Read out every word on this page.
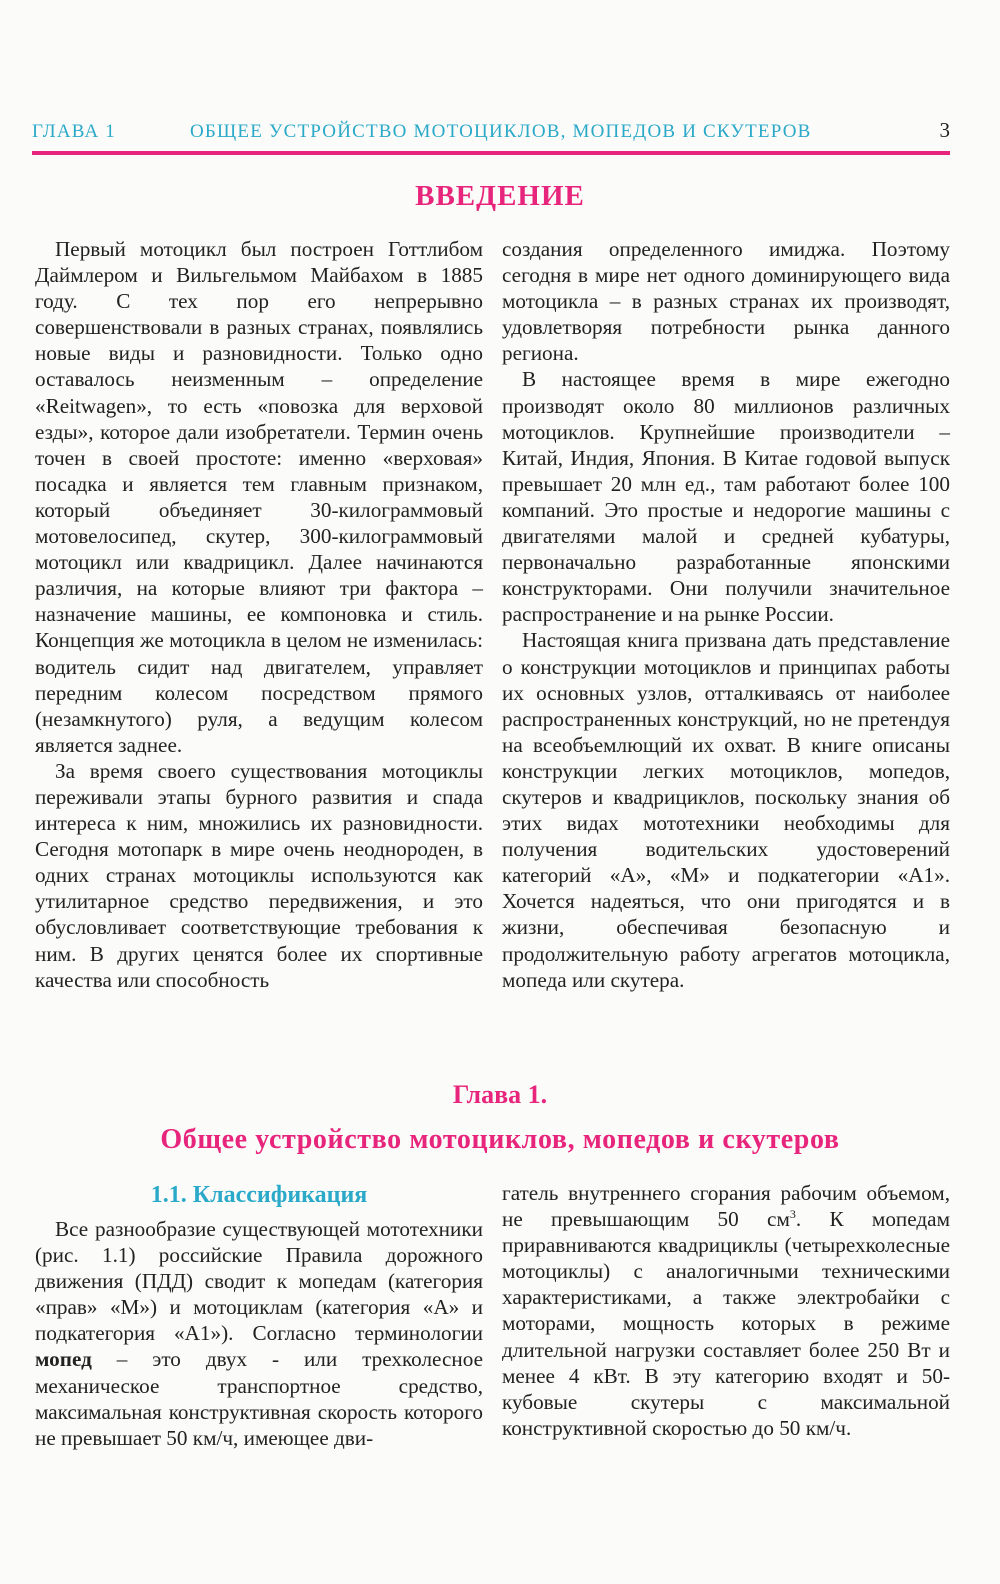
ГЛАВА 1	ОБЩЕЕ УСТРОЙСТВО МОТОЦИКЛОВ, МОПЕДОВ И СКУТЕРОВ	3
ВВЕДЕНИЕ

Первый мотоцикл был построен Готтлибом Даймлером и Вильгельмом Майбахом в 1885 году. С тех пор его непрерывно совершенствовали в разных странах, появлялись новые виды и разновидности. Только одно оставалось неизменным – определение «Reitwagen», то есть «повозка для верховой езды», которое дали изобретатели. Термин очень точен в своей простоте: именно «верховая» посадка и является тем главным признаком, который объединяет 30-килограммовый мотовелосипед, скутер, 300-килограммовый мотоцикл или квадрицикл. Далее начинаются различия, на которые влияют три фактора – назначение машины, ее компоновка и стиль. Концепция же мотоцикла в целом не изменилась: водитель сидит над двигателем, управляет передним колесом посредством прямого (незамкнутого) руля, а ведущим колесом является заднее.

За время своего существования мотоциклы переживали этапы бурного развития и спада интереса к ним, множились их разновидности. Сегодня мотопарк в мире очень неоднороден, в одних странах мотоциклы используются как утилитарное средство передвижения, и это обусловливает соответствующие требования к ним. В других ценятся более их спортивные качества или способность

создания определенного имиджа. Поэтому сегодня в мире нет одного доминирующего вида мотоцикла – в разных странах их производят, удовлетворяя потребности рынка данного региона.

В настоящее время в мире ежегодно производят около 80 миллионов различных мотоциклов. Крупнейшие производители – Китай, Индия, Япония. В Китае годовой выпуск превышает 20 млн ед., там работают более 100 компаний. Это простые и недорогие машины с двигателями малой и средней кубатуры, первоначально разработанные японскими конструкторами. Они получили значительное распространение и на рынке России.

Настоящая книга призвана дать представление о конструкции мотоциклов и принципах работы их основных узлов, отталкиваясь от наиболее распространенных конструкций, но не претендуя на всеобъемлющий их охват. В книге описаны конструкции легких мотоциклов, мопедов, скутеров и квадрициклов, поскольку знания об этих видах мототехники необходимы для получения водительских удостоверений категорий «А», «М» и подкатегории «А1». Хочется надеяться, что они пригодятся и в жизни, обеспечивая безопасную и продолжительную работу агрегатов мотоцикла, мопеда или скутера.

Глава 1.
Общее устройство мотоциклов, мопедов и скутеров
1.1. Классификация

Все разнообразие существующей мототехники (рис. 1.1) российские Правила дорожного движения (ПДД) сводит к мопедам (категория «прав» «М») и мотоциклам (категория «А» и подкатегория «А1»). Согласно терминологии мопед – это двух - или трехколесное механическое транспортное средство, максимальная конструктивная скорость которого не превышает 50 км/ч, имеющее дви-

гатель внутреннего сгорания рабочим объемом, не превышающим 50 $см^3$. К мопедам приравниваются квадрициклы (четырехколесные мотоциклы) с аналогичными техническими характеристиками, а также электробайки с моторами, мощность которых в режиме длительной нагрузки составляет более 250 Вт и менее 4 кВт. В эту категорию входят и 50-кубовые скутеры с максимальной конструктивной скоростью до 50 км/ч.
